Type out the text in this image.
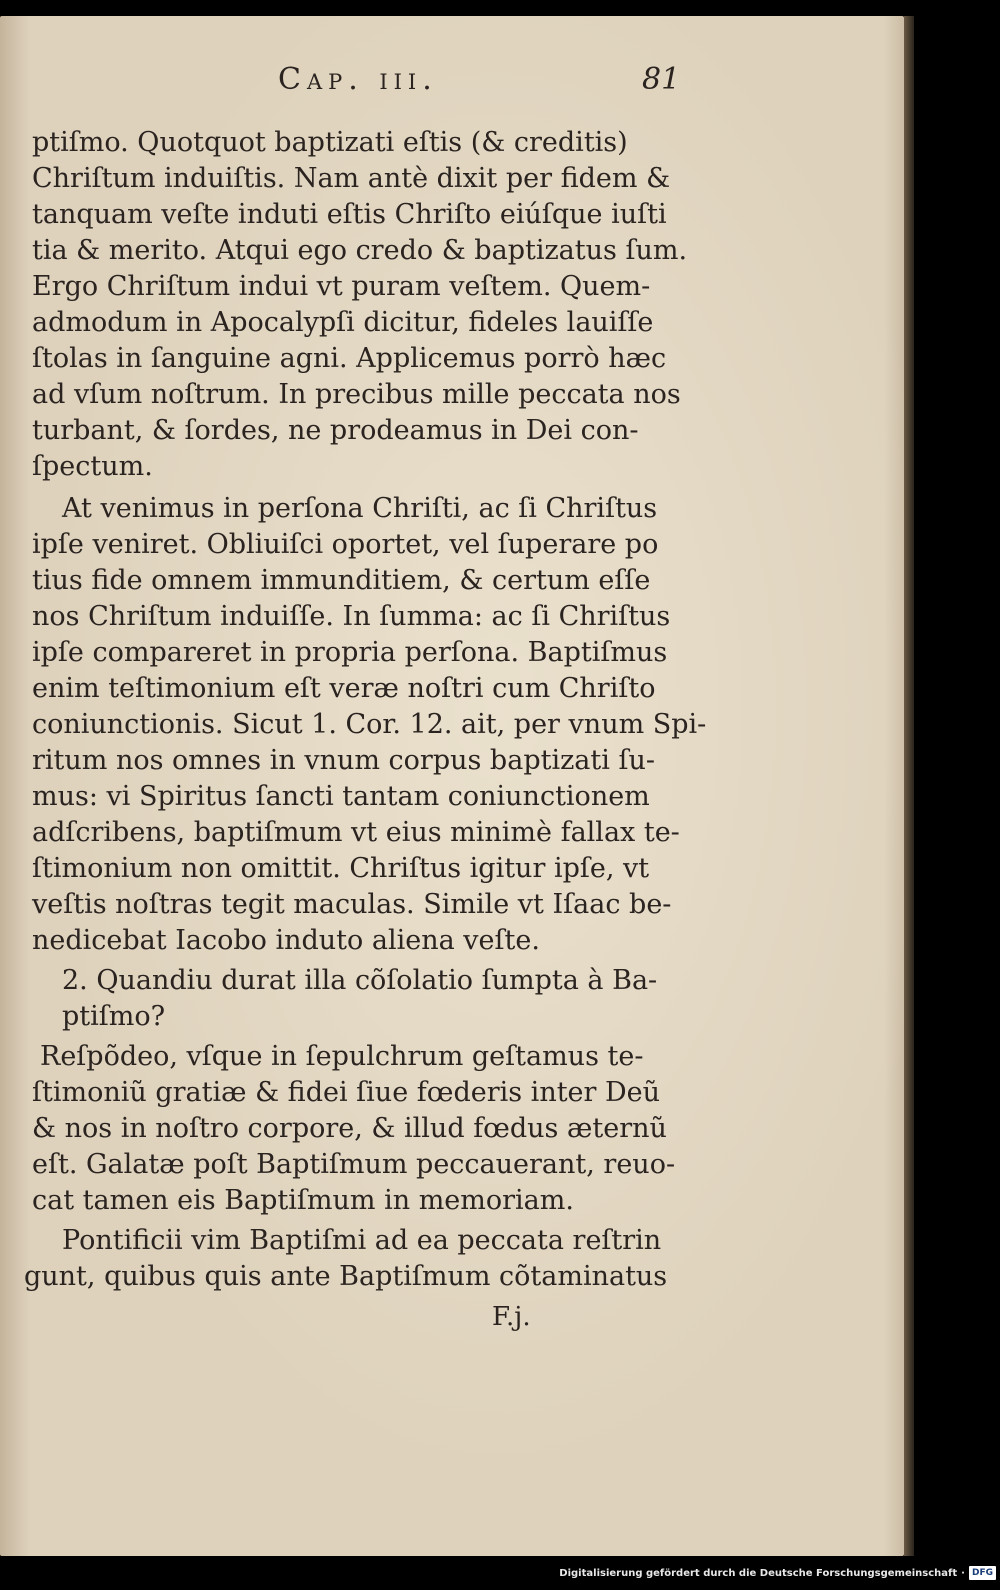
Cap. iii.	81
ptiſmo. Quotquot baptizati eſtis (& creditis)
Chriſtum induiſtis. Nam antè dixit per fidem &
tanquam veſte induti eſtis Chriſto eiúſque iuſti
tia & merito. Atqui ego credo & baptizatus ſum.
Ergo Chriſtum indui vt puram veſtem. Quem-
admodum in Apocalypſi dicitur, fideles lauiſſe
ſtolas in ſanguine agni. Applicemus porrò hæc
ad vſum noſtrum. In precibus mille peccata nos
turbant, & ſordes, ne prodeamus in Dei con-
ſpectum.
At venimus in perſona Chriſti, ac ſi Chriſtus
ipſe veniret. Obliuiſci oportet, vel ſuperare po
tius fide omnem immunditiem, & certum eſſe
nos Chriſtum induiſſe. In ſumma: ac ſi Chriſtus
ipſe compareret in propria perſona. Baptiſmus
enim teſtimonium eſt veræ noſtri cum Chriſto
coniunctionis. Sicut 1. Cor. 12. ait, per vnum Spi-
ritum nos omnes in vnum corpus baptizati ſu-
mus: vi Spiritus ſancti tantam coniunctionem
adſcribens, baptiſmum vt eius minimè fallax te-
ſtimonium non omittit. Chriſtus igitur ipſe, vt
veſtis noſtras tegit maculas. Simile vt Iſaac be-
nedicebat Iacobo induto aliena veſte.
2. Quandiu durat illa cõſolatio ſumpta à Ba-
ptiſmo?
Reſpõdeo, vſque in ſepulchrum geſtamus te-
ſtimoniũ gratiæ & fidei ſiue fœderis inter Deũ
& nos in noſtro corpore, & illud fœdus æternũ
eſt. Galatæ poſt Baptiſmum peccauerant, reuo-
cat tamen eis Baptiſmum in memoriam.
Pontificii vim Baptiſmi ad ea peccata reſtrin
gunt, quibus quis ante Baptiſmum cõtaminatus
F.j.
Digitalisierung gefördert durch die Deutsche Forschungsgemeinschaft · DFG
